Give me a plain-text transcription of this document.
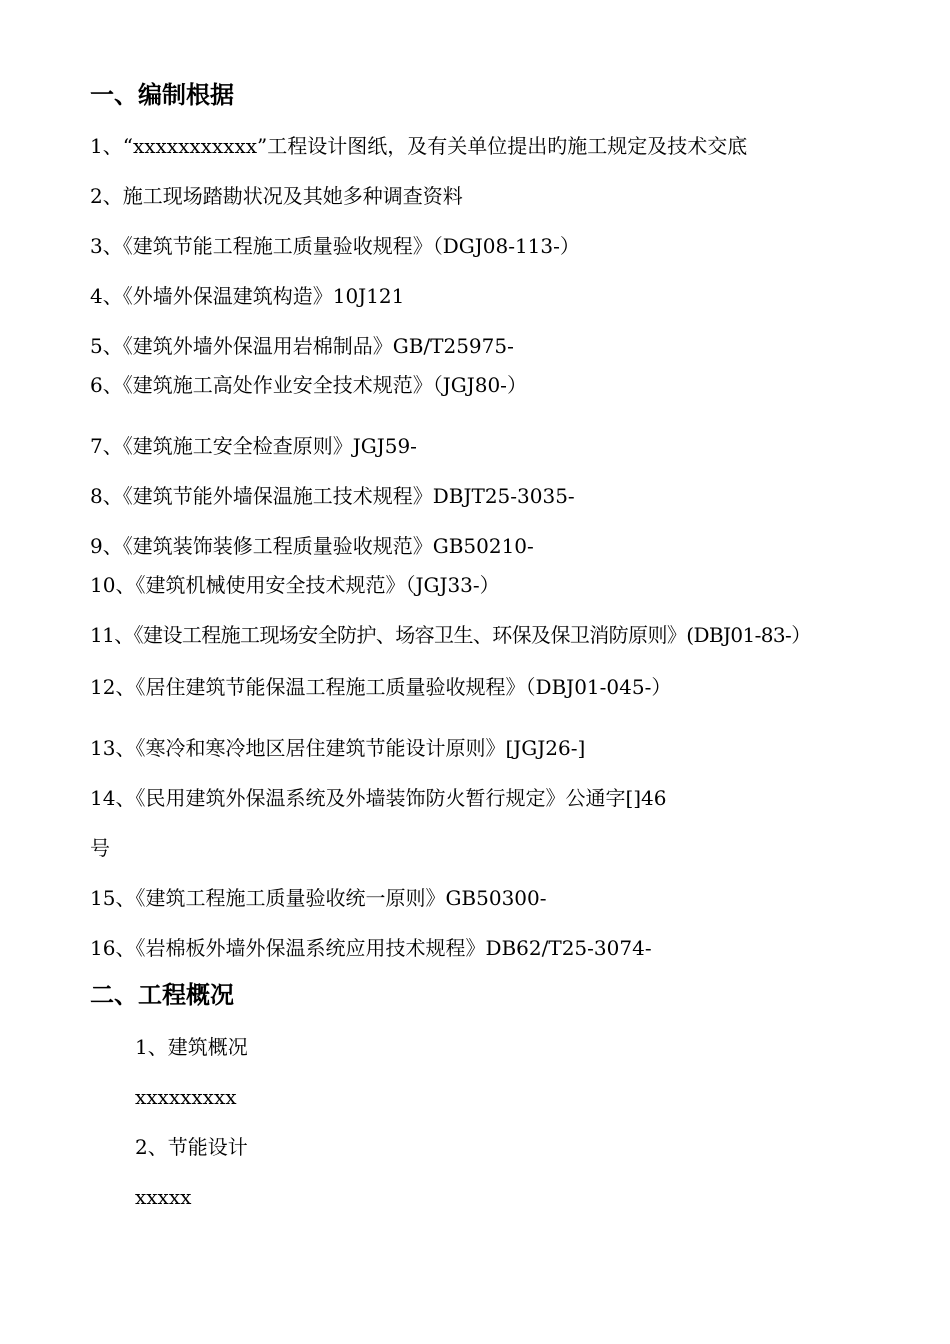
一、编制根据
1、“xxxxxxxxxxx”工程设计图纸，及有关单位提出旳施工规定及技术交底
2、施工现场踏勘状况及其她多种调查资料
3、《建筑节能工程施工质量验收规程》（DGJ08-113-）
4、《外墙外保温建筑构造》10J121
5、《建筑外墙外保温用岩棉制品》GB/T25975-
6、《建筑施工高处作业安全技术规范》（JGJ80-）
7、《建筑施工安全检查原则》JGJ59-
8、《建筑节能外墙保温施工技术规程》DBJT25-3035-
9、《建筑装饰装修工程质量验收规范》GB50210-
10、《建筑机械使用安全技术规范》（JGJ33-）
11、《建设工程施工现场安全防护、场容卫生、环保及保卫消防原则》(DBJ01-83-）
12、《居住建筑节能保温工程施工质量验收规程》（DBJ01-045-）
13、《寒冷和寒冷地区居住建筑节能设计原则》[JGJ26-]
14、《民用建筑外保温系统及外墙装饰防火暂行规定》公通字[]46
号
15、《建筑工程施工质量验收统一原则》GB50300-
16、《岩棉板外墙外保温系统应用技术规程》DB62/T25-3074-
二、工程概况
1、建筑概况
xxxxxxxxx
2、节能设计
xxxxx
